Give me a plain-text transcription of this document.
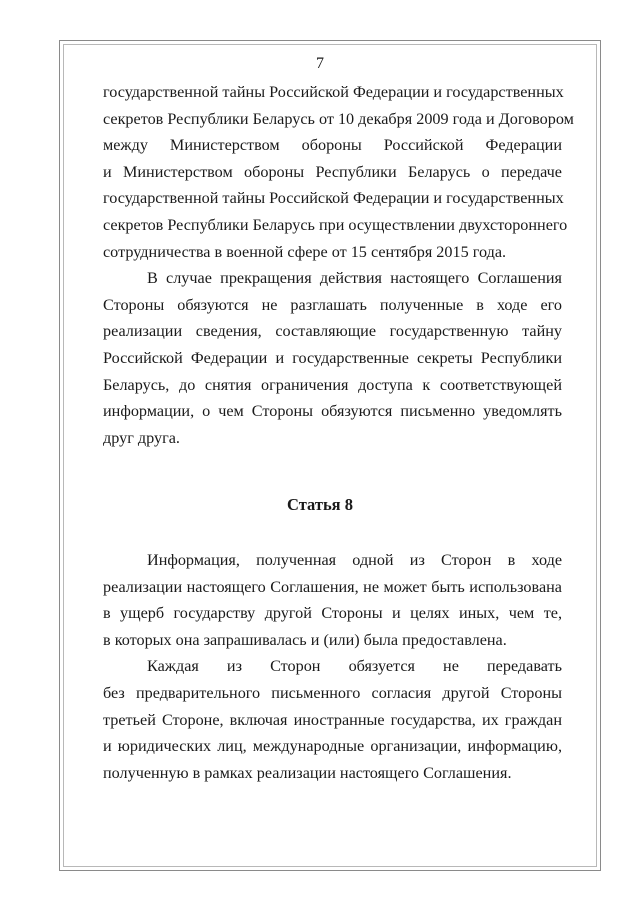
7
государственной тайны Российской Федерации и государственных
секретов Республики Беларусь от 10 декабря 2009 года и Договором
между Министерством обороны Российской Федерации
и Министерством обороны Республики Беларусь о передаче
государственной тайны Российской Федерации и государственных
секретов Республики Беларусь при осуществлении двухстороннего
сотрудничества в военной сфере от 15 сентября 2015 года.
В случае прекращения действия настоящего Соглашения
Стороны обязуются не разглашать полученные в ходе его
реализации сведения, составляющие государственную тайну
Российской Федерации и государственные секреты Республики
Беларусь, до снятия ограничения доступа к соответствующей
информации, о чем Стороны обязуются письменно уведомлять
друг друга.
Статья 8
Информация, полученная одной из Сторон в ходе
реализации настоящего Соглашения, не может быть использована
в ущерб государству другой Стороны и целях иных, чем те,
в которых она запрашивалась и (или) была предоставлена.
Каждая из Сторон обязуется не передавать
без предварительного письменного согласия другой Стороны
третьей Стороне, включая иностранные государства, их граждан
и юридических лиц, международные организации, информацию,
полученную в рамках реализации настоящего Соглашения.
